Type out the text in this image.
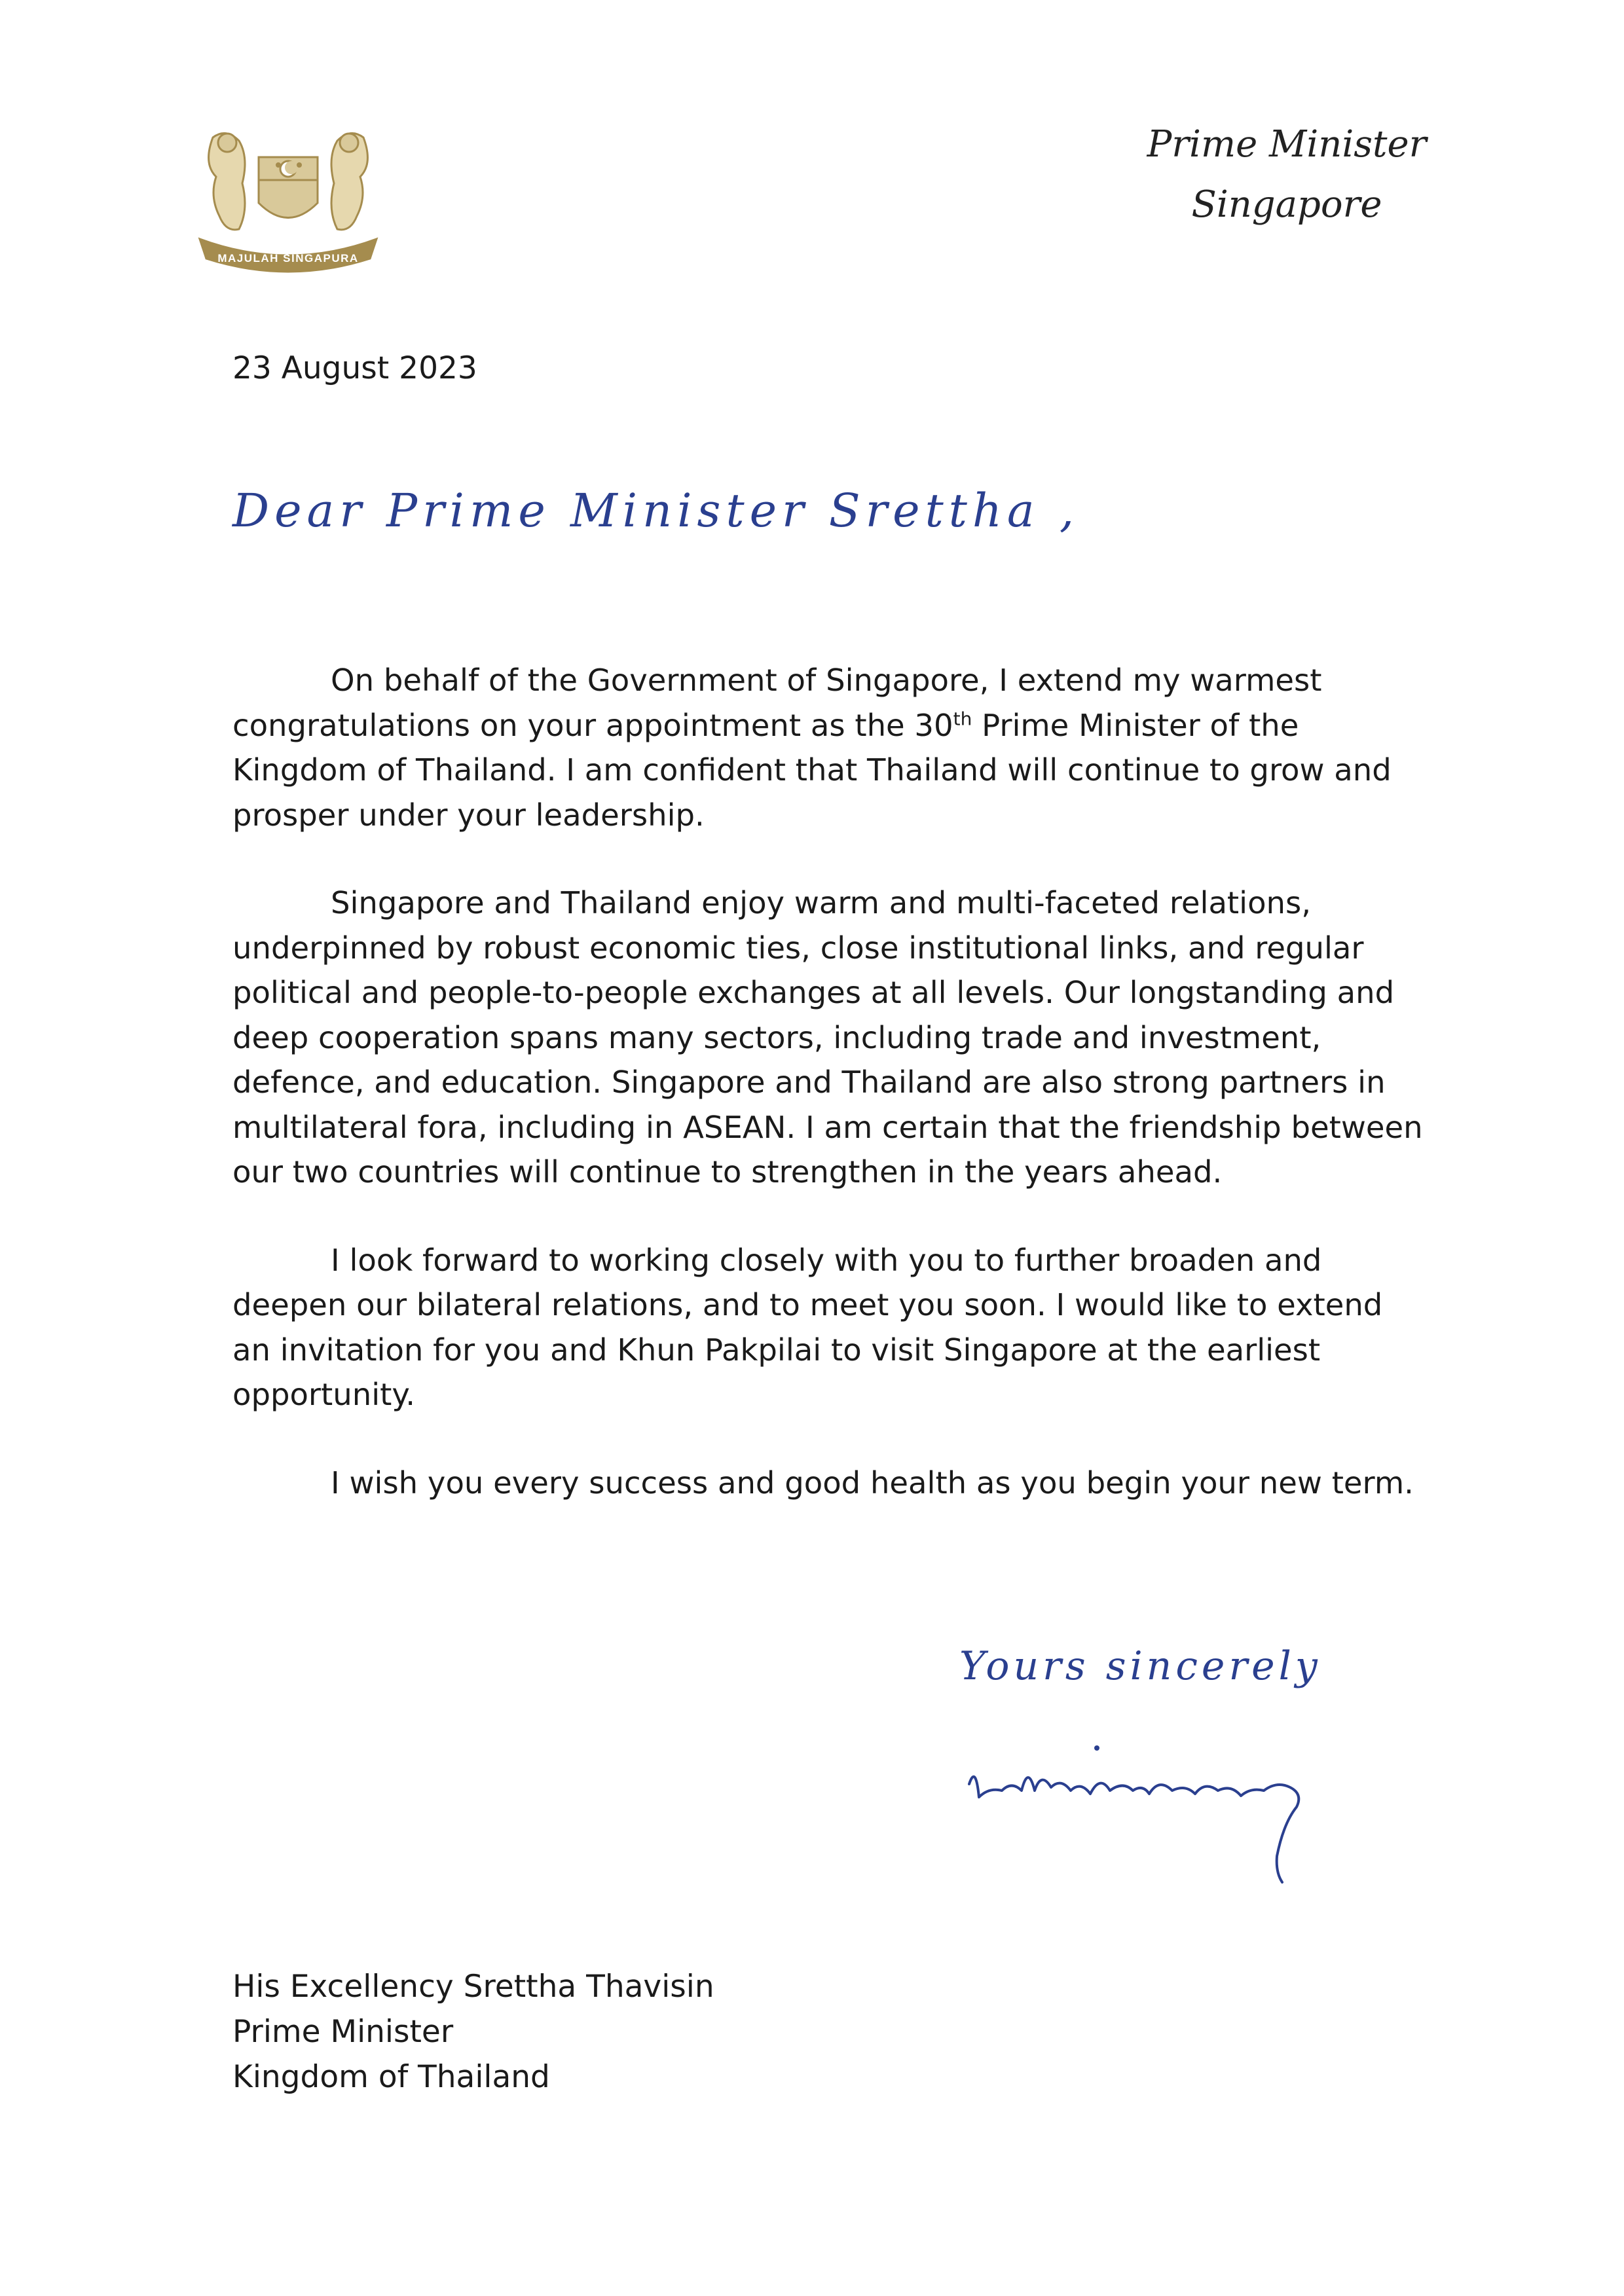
MAJULAH SINGAPURA
Prime Minister
Singapore
23 August 2023
Dear Prime Minister Srettha ,

On behalf of the Government of Singapore, I extend my warmest congratulations on your appointment as the 30th Prime Minister of the Kingdom of Thailand. I am confident that Thailand will continue to grow and prosper under your leadership.

Singapore and Thailand enjoy warm and multi-faceted relations, underpinned by robust economic ties, close institutional links, and regular political and people-to-people exchanges at all levels. Our longstanding and deep cooperation spans many sectors, including trade and investment, defence, and education. Singapore and Thailand are also strong partners in multilateral fora, including in ASEAN. I am certain that the friendship between our two countries will continue to strengthen in the years ahead.

I look forward to working closely with you to further broaden and deepen our bilateral relations, and to meet you soon. I would like to extend an invitation for you and Khun Pakpilai to visit Singapore at the earliest opportunity.

I wish you every success and good health as you begin your new term.

Yours sincerely
His Excellency Srettha Thavisin
Prime Minister
Kingdom of Thailand
